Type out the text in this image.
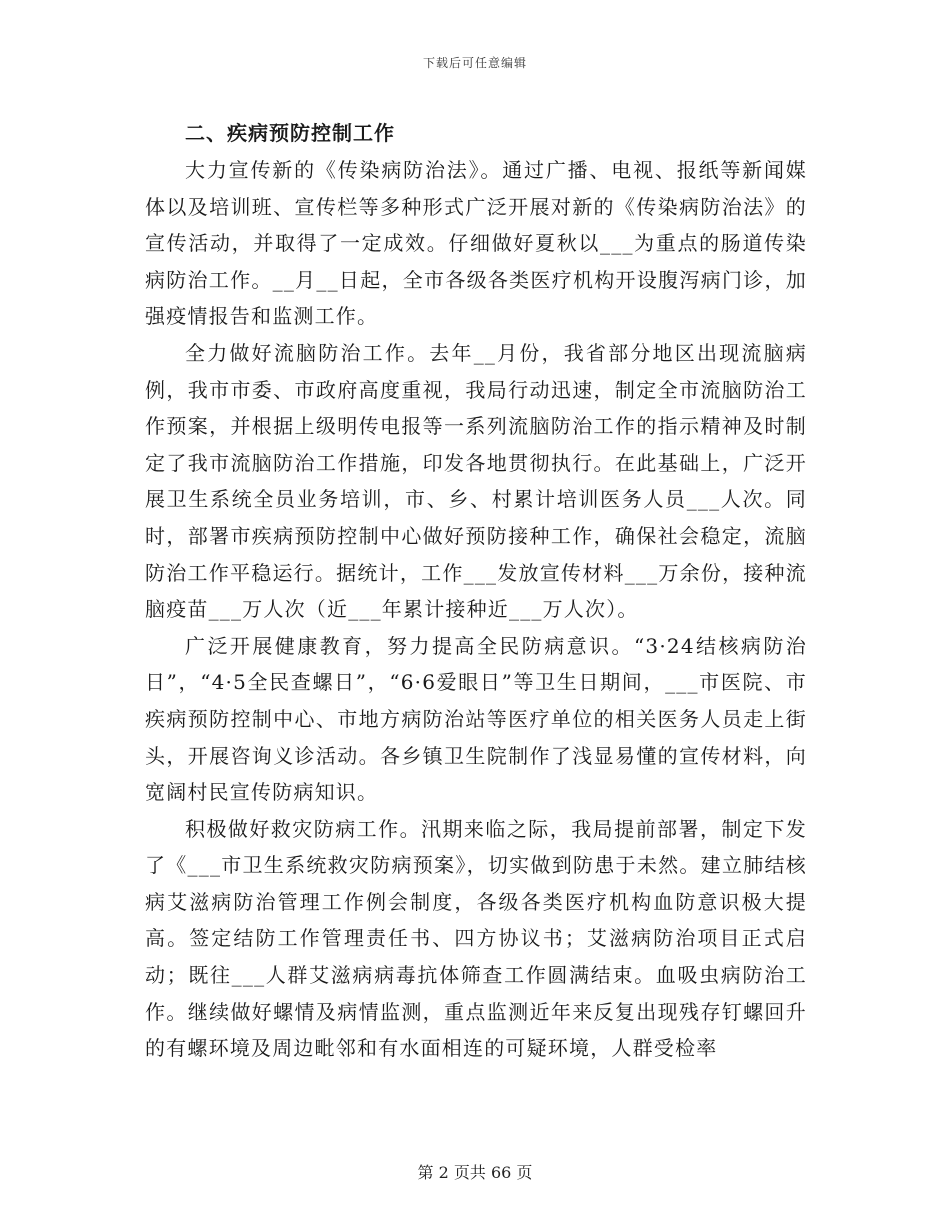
下载后可任意编辑
二、疾病预防控制工作

大力宣传新的《传染病防治法》。通过广播、电视、报纸等新闻媒体以及培训班、宣传栏等多种形式广泛开展对新的《传染病防治法》的宣传活动，并取得了一定成效。仔细做好夏秋以___为重点的肠道传染病防治工作。__月__日起，全市各级各类医疗机构开设腹泻病门诊，加强疫情报告和监测工作。

全力做好流脑防治工作。去年__月份，我省部分地区出现流脑病例，我市市委、市政府高度重视，我局行动迅速，制定全市流脑防治工作预案，并根据上级明传电报等一系列流脑防治工作的指示精神及时制定了我市流脑防治工作措施，印发各地贯彻执行。在此基础上，广泛开展卫生系统全员业务培训，市、乡、村累计培训医务人员___人次。同时，部署市疾病预防控制中心做好预防接种工作，确保社会稳定，流脑防治工作平稳运行。据统计，工作___发放宣传材料___万余份，接种流脑疫苗___万人次（近___年累计接种近___万人次）。

广泛开展健康教育，努力提高全民防病意识。“3·24结核病防治日”，“4·5全民查螺日”，“6·6爱眼日”等卫生日期间，___市医院、市疾病预防控制中心、市地方病防治站等医疗单位的相关医务人员走上街头，开展咨询义诊活动。各乡镇卫生院制作了浅显易懂的宣传材料，向宽阔村民宣传防病知识。

积极做好救灾防病工作。汛期来临之际，我局提前部署，制定下发了《___市卫生系统救灾防病预案》，切实做到防患于未然。建立肺结核病艾滋病防治管理工作例会制度，各级各类医疗机构血防意识极大提高。签定结防工作管理责任书、四方协议书；艾滋病防治项目正式启动；既往___人群艾滋病病毒抗体筛查工作圆满结束。血吸虫病防治工作。继续做好螺情及病情监测，重点监测近年来反复出现残存钉螺回升的有螺环境及周边毗邻和有水面相连的可疑环境，人群受检率

第 2 页共 66 页
